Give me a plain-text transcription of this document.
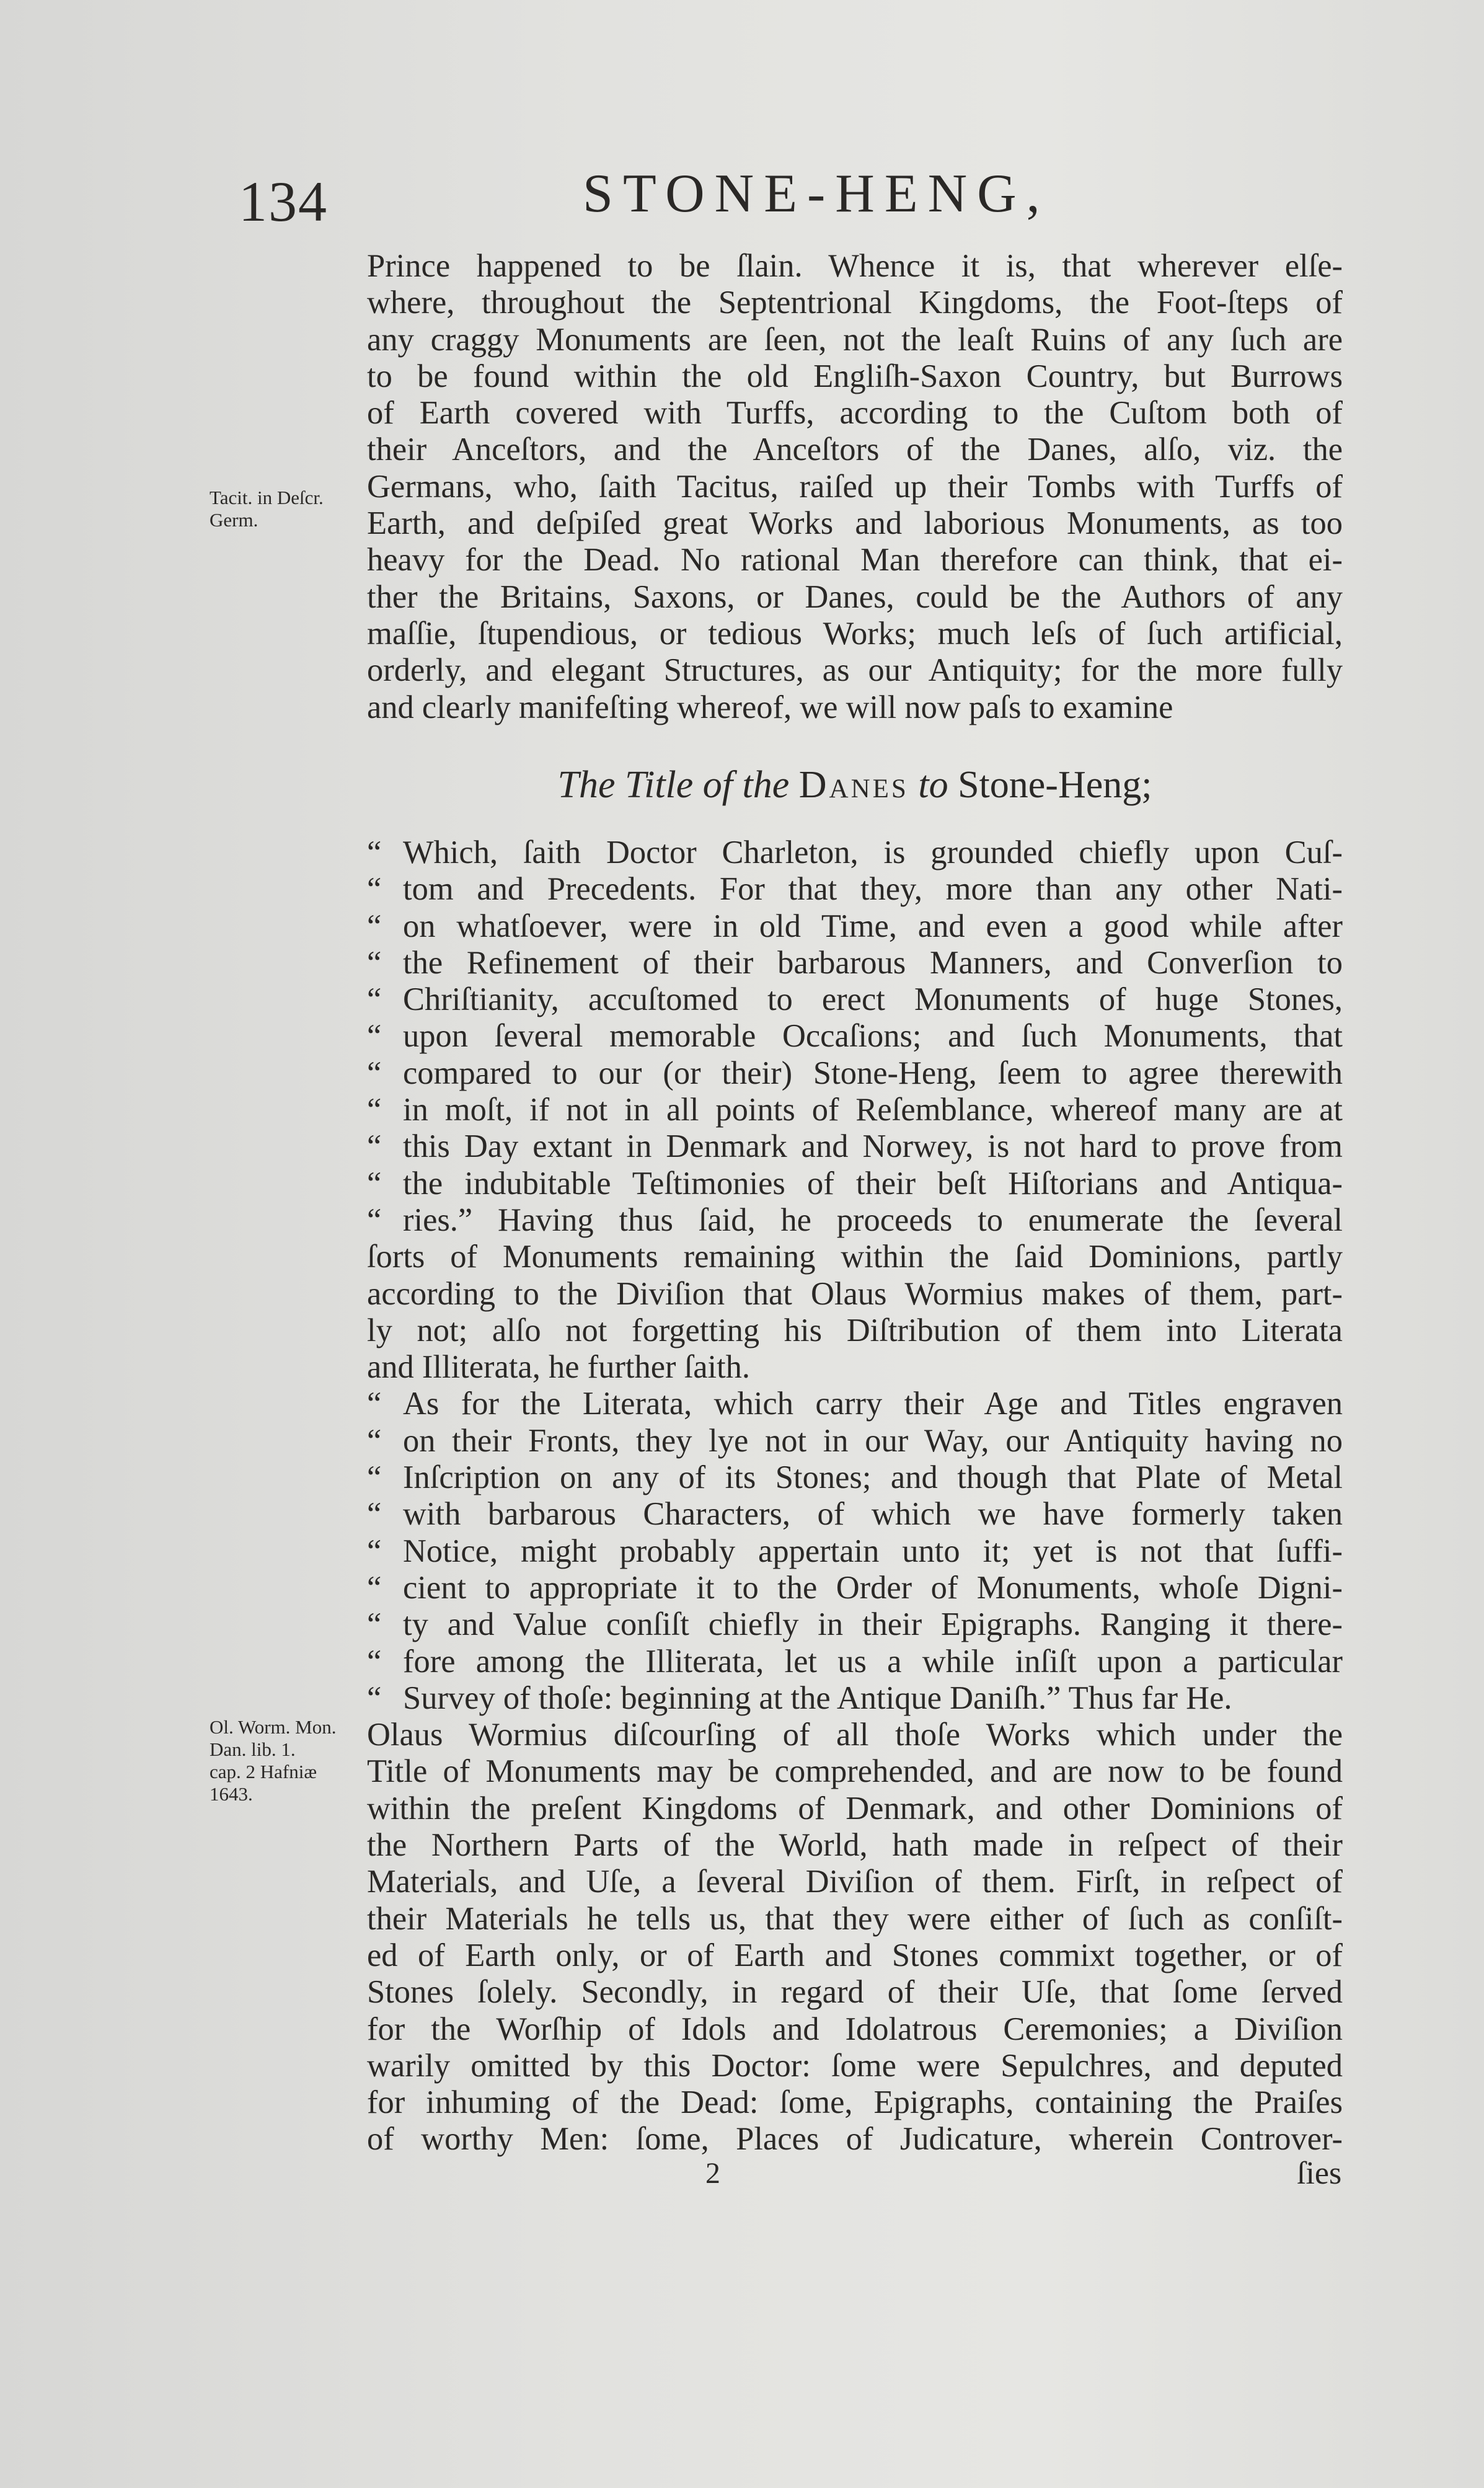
134	STONE-HENG,
Prince happened to be ſlain. Whence it is, that wherever elſe-
where, throughout the Septentrional Kingdoms, the Foot-ſteps of
any craggy Monuments are ſeen, not the leaſt Ruins of any ſuch are
to be found within the old Engliſh-Saxon Country, but Burrows
of Earth covered with Turffs, according to the Cuſtom both of
their Anceſtors, and the Anceſtors of the Danes, alſo, viz. the
Germans, who, ſaith Tacitus, raiſed up their Tombs with Turffs of
Earth, and deſpiſed great Works and laborious Monuments, as too
heavy for the Dead. No rational Man therefore can think, that ei-
ther the Britains, Saxons, or Danes, could be the Authors of any
maſſie, ſtupendious, or tedious Works; much leſs of ſuch artificial,
orderly, and elegant Structures, as our Antiquity; for the more fully
and clearly manifeſting whereof, we will now paſs to examine
The Title of the Danes to Stone-Heng;
“ Which, ſaith Doctor Charleton, is grounded chiefly upon Cuſ-
“ tom and Precedents. For that they, more than any other Nati-
“ on whatſoever, were in old Time, and even a good while after
“ the Refinement of their barbarous Manners, and Converſion to
“ Chriſtianity, accuſtomed to erect Monuments of huge Stones,
“ upon ſeveral memorable Occaſions; and ſuch Monuments, that
“ compared to our (or their) Stone-Heng, ſeem to agree therewith
“ in moſt, if not in all points of Reſemblance, whereof many are at
“ this Day extant in Denmark and Norwey, is not hard to prove from
“ the indubitable Teſtimonies of their beſt Hiſtorians and Antiqua-
“ ries.” Having thus ſaid, he proceeds to enumerate the ſeveral
ſorts of Monuments remaining within the ſaid Dominions, partly
according to the Diviſion that Olaus Wormius makes of them, part-
ly not; alſo not forgetting his Diſtribution of them into Literata
and Illiterata, he further ſaith.
“ As for the Literata, which carry their Age and Titles engraven
“ on their Fronts, they lye not in our Way, our Antiquity having no
“ Inſcription on any of its Stones; and though that Plate of Metal
“ with barbarous Characters, of which we have formerly taken
“ Notice, might probably appertain unto it; yet is not that ſuffi-
“ cient to appropriate it to the Order of Monuments, whoſe Digni-
“ ty and Value conſiſt chiefly in their Epigraphs. Ranging it there-
“ fore among the Illiterata, let us a while inſiſt upon a particular
“ Survey of thoſe: beginning at the Antique Daniſh.” Thus far He.
Olaus Wormius diſcourſing of all thoſe Works which under the
Title of Monuments may be comprehended, and are now to be found
within the preſent Kingdoms of Denmark, and other Dominions of
the Northern Parts of the World, hath made in reſpect of their
Materials, and Uſe, a ſeveral Diviſion of them. Firſt, in reſpect of
their Materials he tells us, that they were either of ſuch as conſiſt-
ed of Earth only, or of Earth and Stones commixt together, or of
Stones ſolely. Secondly, in regard of their Uſe, that ſome ſerved
for the Worſhip of Idols and Idolatrous Ceremonies; a Diviſion
warily omitted by this Doctor: ſome were Sepulchres, and deputed
for inhuming of the Dead: ſome, Epigraphs, containing the Praiſes
of worthy Men: ſome, Places of Judicature, wherein Controver-
Tacit. in Deſcr.
Germ.
Ol. Worm. Mon.
Dan. lib. 1.
cap. 2 Hafniæ
1643.
2	ſies
